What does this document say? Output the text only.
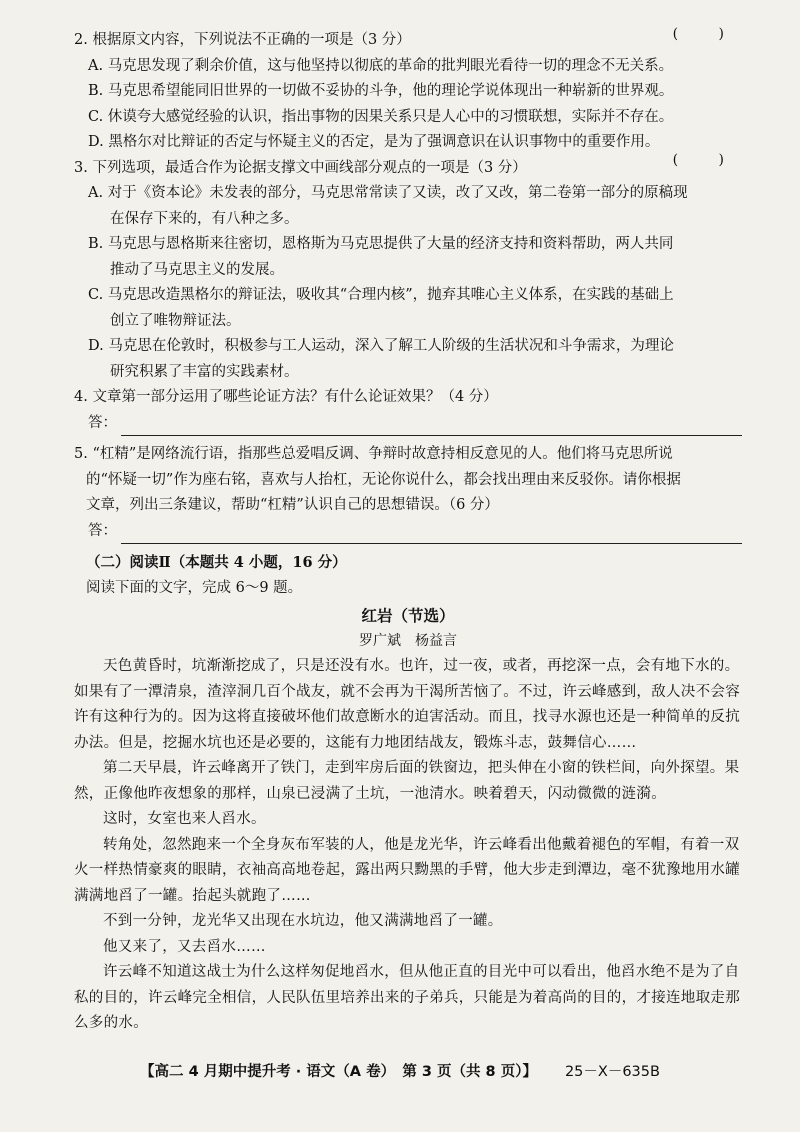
2. 根据原文内容，下列说法不正确的一项是（3 分）	( )
A. 马克思发现了剩余价值，这与他坚持以彻底的革命的批判眼光看待一切的理念不无关系。
B. 马克思希望能同旧世界的一切做不妥协的斗争，他的理论学说体现出一种崭新的世界观。
C. 休谟夸大感觉经验的认识，指出事物的因果关系只是人心中的习惯联想，实际并不存在。
D. 黑格尔对比辩证的否定与怀疑主义的否定，是为了强调意识在认识事物中的重要作用。
3. 下列选项，最适合作为论据支撑文中画线部分观点的一项是（3 分）	( )
A. 对于《资本论》未发表的部分，马克思常常读了又读，改了又改，第二卷第一部分的原稿现
在保存下来的，有八种之多。
B. 马克思与恩格斯来往密切，恩格斯为马克思提供了大量的经济支持和资料帮助，两人共同
推动了马克思主义的发展。
C. 马克思改造黑格尔的辩证法，吸收其“合理内核”，抛弃其唯心主义体系，在实践的基础上
创立了唯物辩证法。
D. 马克思在伦敦时，积极参与工人运动，深入了解工人阶级的生活状况和斗争需求，为理论
研究积累了丰富的实践素材。
4. 文章第一部分运用了哪些论证方法？有什么论证效果？（4 分）
答：
5. “杠精”是网络流行语，指那些总爱唱反调、争辩时故意持相反意见的人。他们将马克思所说
的“怀疑一切”作为座右铭，喜欢与人抬杠，无论你说什么，都会找出理由来反驳你。请你根据
文章，列出三条建议，帮助“杠精”认识自己的思想错误。（6 分）
答：
（二）阅读Ⅱ（本题共 4 小题，16 分）
阅读下面的文字，完成 6～9 题。
红岩（节选）
罗广斌　杨益言

天色黄昏时，坑渐渐挖成了，只是还没有水。也许，过一夜，或者，再挖深一点，会有地下水的。如果有了一潭清泉，渣滓洞几百个战友，就不会再为干渴所苦恼了。不过，许云峰感到，敌人决不会容许有这种行为的。因为这将直接破坏他们故意断水的迫害活动。而且，找寻水源也还是一种简单的反抗办法。但是，挖掘水坑也还是必要的，这能有力地团结战友，锻炼斗志，鼓舞信心……

第二天早晨，许云峰离开了铁门，走到牢房后面的铁窗边，把头伸在小窗的铁栏间，向外探望。果然，正像他昨夜想象的那样，山泉已浸满了土坑，一池清水。映着碧天，闪动微微的涟漪。

这时，女室也来人舀水。

转角处，忽然跑来一个全身灰布军装的人，他是龙光华，许云峰看出他戴着褪色的军帽，有着一双火一样热情豪爽的眼睛，衣袖高高地卷起，露出两只黝黑的手臂，他大步走到潭边，毫不犹豫地用水罐满满地舀了一罐。抬起头就跑了……

不到一分钟，龙光华又出现在水坑边，他又满满地舀了一罐。

他又来了，又去舀水……

许云峰不知道这战士为什么这样匆促地舀水，但从他正直的目光中可以看出，他舀水绝不是为了自私的目的，许云峰完全相信，人民队伍里培养出来的子弟兵，只能是为着高尚的目的，才接连地取走那么多的水。

【高二 4 月期中提升考 · 语文（A 卷）　第 3 页（共 8 页）】 25－X－635B
